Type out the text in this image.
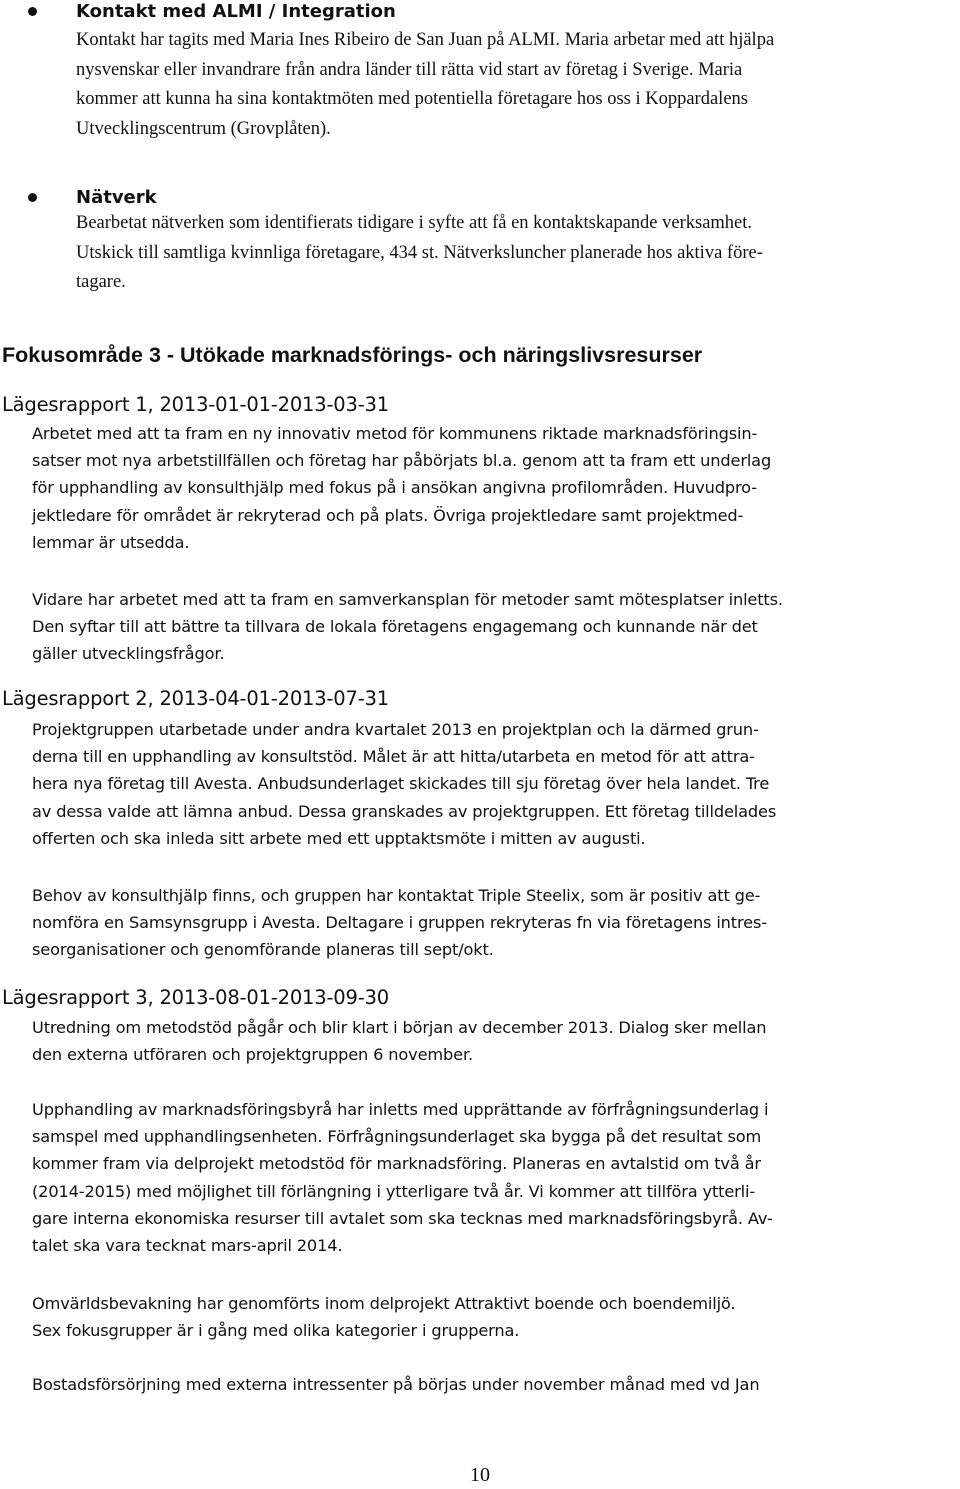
Kontakt med ALMI / Integration
Kontakt har tagits med Maria Ines Ribeiro de San Juan på ALMI. Maria arbetar med att hjälpa
nysvenskar eller invandrare från andra länder till rätta vid start av företag i Sverige. Maria
kommer att kunna ha sina kontaktmöten med potentiella företagare hos oss i Koppardalens
Utvecklingscentrum (Grovplåten).
Nätverk
Bearbetat nätverken som identifierats tidigare i syfte att få en kontaktskapande verksamhet.
Utskick till samtliga kvinnliga företagare, 434 st. Nätverksluncher planerade hos aktiva före-
tagare.
Fokusområde 3 - Utökade marknadsförings- och näringslivsresurser
Lägesrapport 1, 2013-01-01-2013-03-31
Arbetet med att ta fram en ny innovativ metod för kommunens riktade marknadsföringsin-
satser mot nya arbetstillfällen och företag har påbörjats bl.a. genom att ta fram ett underlag
för upphandling av konsulthjälp med fokus på i ansökan angivna profilområden. Huvudpro-
jektledare för området är rekryterad och på plats. Övriga projektledare samt projektmed-
lemmar är utsedda.
Vidare har arbetet med att ta fram en samverkansplan för metoder samt mötesplatser inletts.
Den syftar till att bättre ta tillvara de lokala företagens engagemang och kunnande när det
gäller utvecklingsfrågor.
Lägesrapport 2, 2013-04-01-2013-07-31
Projektgruppen utarbetade under andra kvartalet 2013 en projektplan och la därmed grun-
derna till en upphandling av konsultstöd. Målet är att hitta/utarbeta en metod för att attra-
hera nya företag till Avesta. Anbudsunderlaget skickades till sju företag över hela landet. Tre
av dessa valde att lämna anbud. Dessa granskades av projektgruppen. Ett företag tilldelades
offerten och ska inleda sitt arbete med ett upptaktsmöte i mitten av augusti.
Behov av konsulthjälp finns, och gruppen har kontaktat Triple Steelix, som är positiv att ge-
nomföra en Samsynsgrupp i Avesta. Deltagare i gruppen rekryteras fn via företagens intres-
seorganisationer och genomförande planeras till sept/okt.
Lägesrapport 3, 2013-08-01-2013-09-30
Utredning om metodstöd pågår och blir klart i början av december 2013. Dialog sker mellan
den externa utföraren och projektgruppen 6 november.
Upphandling av marknadsföringsbyrå har inletts med upprättande av förfrågningsunderlag i
samspel med upphandlingsenheten. Förfrågningsunderlaget ska bygga på det resultat som
kommer fram via delprojekt metodstöd för marknadsföring. Planeras en avtalstid om två år
(2014-2015) med möjlighet till förlängning i ytterligare två år. Vi kommer att tillföra ytterli-
gare interna ekonomiska resurser till avtalet som ska tecknas med marknadsföringsbyrå. Av-
talet ska vara tecknat mars-april 2014.
Omvärldsbevakning har genomförts inom delprojekt Attraktivt boende och boendemiljö.
Sex fokusgrupper är i gång med olika kategorier i grupperna.
Bostadsförsörjning med externa intressenter på börjas under november månad med vd Jan
10
